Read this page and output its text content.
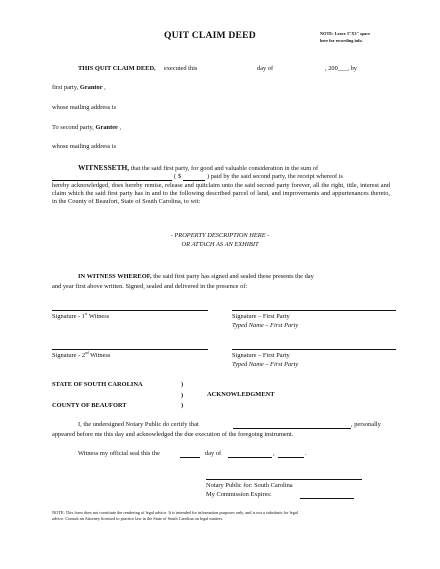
QUIT CLAIM DEED	NOTE: Leave 3"X3" space
here for recording info.
THIS QUIT CLAIM DEED, executed this	day of	, 200___, by
first party, Grantor ,
whose mailing address is
To second party, Grantee ,
whose mailing address is
WITNESSETH, that the said first party, for good and valuable consideration in the sum of
( $	) paid by the said second party, the receipt whereof is
hereby acknowledged, does hereby remise, release and quitclaim unto the said second party forever, all the right, title, interest and claim which the said first party has in and to the following described parcel of land, and improvements and appurtenances thereto, in the County of Beaufort, State of South Carolina, to wit:
- PROPERTY DESCRIPTION HERE -
OR ATTACH AS AN EXHIBIT
IN WITNESS WHEREOF, the said first party has signed and sealed these presents the day
and year first above written. Signed, sealed and delivered in the presence of:
Signature - 1st Witness	Signature – First Party
Typed Name – First Party
Signature - 2nd Witness	Signature – First Party
Typed Name – First Party
STATE OF SOUTH CAROLINA	)
)	ACKNOWLEDGMENT
COUNTY OF BEAUFORT	)
I, the undersigned Notary Public do certify that	, personally
appeared before me this day and acknowledged the due execution of the foregoing instrument.
Witness my official seal this the	day of	,	.
Notary Public for: South Carolina
My Commission Expires:
NOTE: This form does not constitute the rendering of legal advice. It is intended for information purposes only, and is not a substitute for legal
advice. Consult an Attorney licensed to practice law in the State of South Carolina on legal matters.
